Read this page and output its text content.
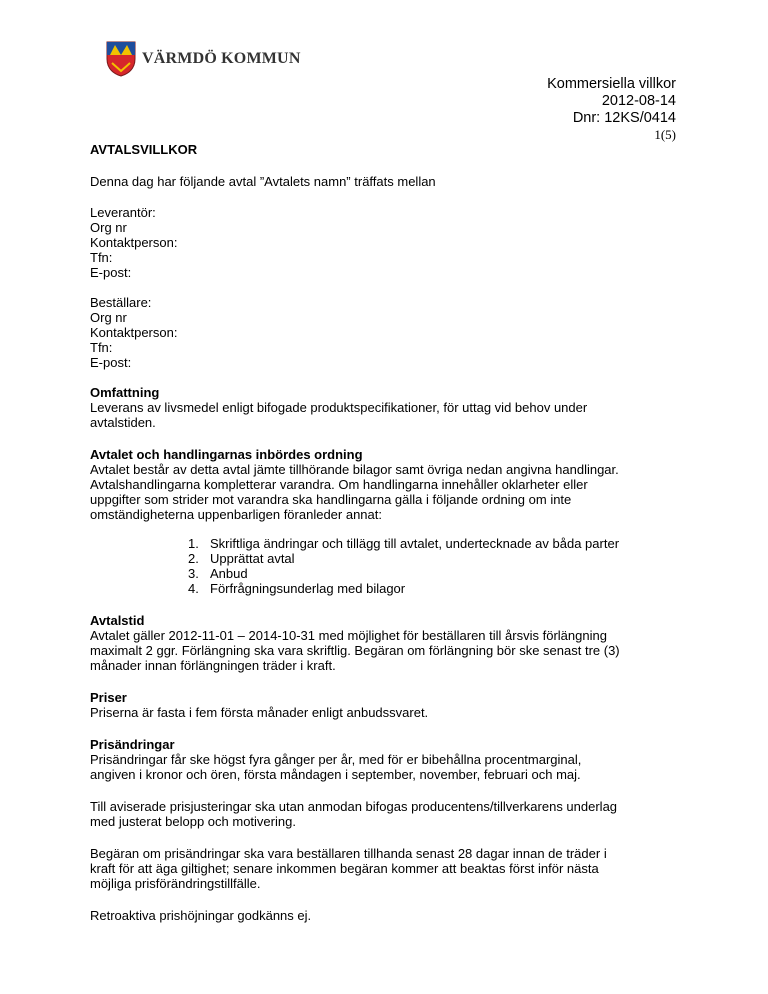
VÄRMDÖ KOMMUN
Kommersiella villkor
2012-08-14
Dnr: 12KS/0414
1(5)

AVTALSVILLKOR

Denna dag har följande avtal ”Avtalets namn” träffats mellan

Leverantör:

Org nr

Kontaktperson:

Tfn:

E-post:

Beställare:

Org nr

Kontaktperson:

Tfn:

E-post:

Omfattning

Leverans av livsmedel enligt bifogade produktspecifikationer, för uttag vid behov under

avtalstiden.

Avtalet och handlingarnas inbördes ordning

Avtalet består av detta avtal jämte tillhörande bilagor samt övriga nedan angivna handlingar.

Avtalshandlingarna kompletterar varandra. Om handlingarna innehåller oklarheter eller

uppgifter som strider mot varandra ska handlingarna gälla i följande ordning om inte

omständigheterna uppenbarligen föranleder annat:

1. Skriftliga ändringar och tillägg till avtalet, undertecknade av båda parter
2. Upprättat avtal
3. Anbud
4. Förfrågningsunderlag med bilagor

Avtalstid

Avtalet gäller 2012-11-01 – 2014-10-31 med möjlighet för beställaren till årsvis förlängning

maximalt 2 ggr. Förlängning ska vara skriftlig. Begäran om förlängning bör ske senast tre (3)

månader innan förlängningen träder i kraft.

Priser

Priserna är fasta i fem första månader enligt anbudssvaret.

Prisändringar

Prisändringar får ske högst fyra gånger per år, med för er bibehållna procentmarginal,

angiven i kronor och ören, första måndagen i september, november, februari och maj.

Till aviserade prisjusteringar ska utan anmodan bifogas producentens/tillverkarens underlag

med justerat belopp och motivering.

Begäran om prisändringar ska vara beställaren tillhanda senast 28 dagar innan de träder i

kraft för att äga giltighet; senare inkommen begäran kommer att beaktas först inför nästa

möjliga prisförändringstillfälle.

Retroaktiva prishöjningar godkänns ej.
